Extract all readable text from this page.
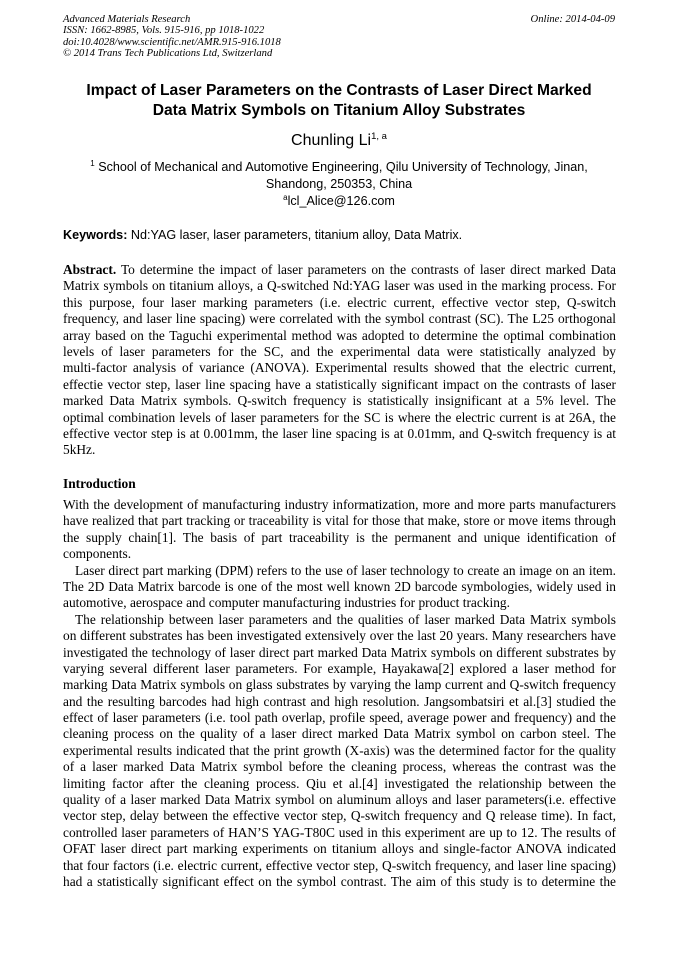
Advanced Materials Research
ISSN: 1662-8985, Vols. 915-916, pp 1018-1022
doi:10.4028/www.scientific.net/AMR.915-916.1018
© 2014 Trans Tech Publications Ltd, Switzerland
Online: 2014-04-09
Impact of Laser Parameters on the Contrasts of Laser Direct Marked
Data Matrix Symbols on Titanium Alloy Substrates
Chunling Li$^{1, a}$
$^1$ School of Mechanical and Automotive Engineering, Qilu University of Technology, Jinan,
Shandong, 250353, China
$^a$lcl_Alice@126.com
Keywords: Nd:YAG laser, laser parameters, titanium alloy, Data Matrix.
Abstract. To determine the impact of laser parameters on the contrasts of laser direct marked Data
Matrix symbols on titanium alloys, a Q-switched Nd:YAG laser was used in the marking process. For
this purpose, four laser marking parameters (i.e. electric current, effective vector step, Q-switch
frequency, and laser line spacing) were correlated with the symbol contrast (SC). The L25 orthogonal
array based on the Taguchi experimental method was adopted to determine the optimal combination
levels of laser parameters for the SC, and the experimental data were statistically analyzed by
multi-factor analysis of variance (ANOVA). Experimental results showed that the electric current,
effectie vector step, laser line spacing have a statistically significant impact on the contrasts of laser
marked Data Matrix symbols. Q-switch frequency is statistically insignificant at a 5% level. The
optimal combination levels of laser parameters for the SC is where the electric current is at 26A, the
effective vector step is at 0.001mm, the laser line spacing is at 0.01mm, and Q-switch frequency is at
5kHz.
Introduction
With the development of manufacturing industry informatization, more and more parts manufacturers
have realized that part tracking or traceability is vital for those that make, store or move items through
the supply chain[1]. The basis of part traceability is the permanent and unique identification of
components.
Laser direct part marking (DPM) refers to the use of laser technology to create an image on an item.
The 2D Data Matrix barcode is one of the most well known 2D barcode symbologies, widely used in
automotive, aerospace and computer manufacturing industries for product tracking.
The relationship between laser parameters and the qualities of laser marked Data Matrix symbols
on different substrates has been investigated extensively over the last 20 years. Many researchers have
investigated the technology of laser direct part marked Data Matrix symbols on different substrates by
varying several different laser parameters. For example, Hayakawa[2] explored a laser method for
marking Data Matrix symbols on glass substrates by varying the lamp current and Q-switch frequency
and the resulting barcodes had high contrast and high resolution. Jangsombatsiri et al.[3] studied the
effect of laser parameters (i.e. tool path overlap, profile speed, average power and frequency) and the
cleaning process on the quality of a laser direct marked Data Matrix symbol on carbon steel. The
experimental results indicated that the print growth (X-axis) was the determined factor for the quality
of a laser marked Data Matrix symbol before the cleaning process, whereas the contrast was the
limiting factor after the cleaning process. Qiu et al.[4] investigated the relationship between the
quality of a laser marked Data Matrix symbol on aluminum alloys and laser parameters(i.e. effective
vector step, delay between the effective vector step, Q-switch frequency and Q release time). In fact,
controlled laser parameters of HAN’S YAG-T80C used in this experiment are up to 12. The results of
OFAT laser direct part marking experiments on titanium alloys and single-factor ANOVA indicated
that four factors (i.e. electric current, effective vector step, Q-switch frequency, and laser line spacing)
had a statistically significant effect on the symbol contrast. The aim of this study is to determine the
